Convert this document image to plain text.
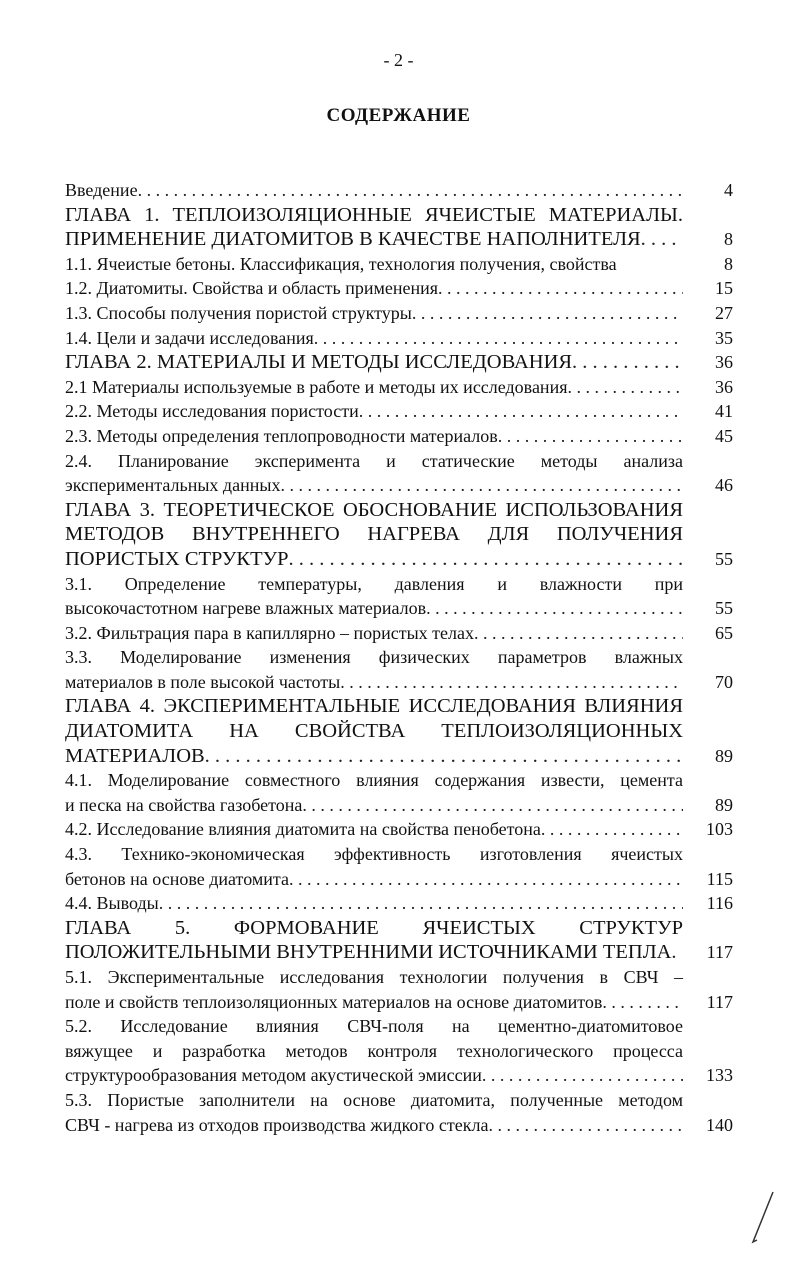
- 2 -
СОДЕРЖАНИЕ
Введение . . .	4
ГЛАВА 1. ТЕПЛОИЗОЛЯЦИОННЫЕ ЯЧЕИСТЫЕ МАТЕРИАЛЫ.
ПРИМЕНЕНИЕ ДИАТОМИТОВ В КАЧЕСТВЕ НАПОЛНИТЕЛЯ . . .	8
1.1. Ячеистые бетоны. Классификация, технология получения, свойства	8
1.2. Диатомиты. Свойства и область применения . . .	15
1.3. Способы получения пористой структуры . . .	27
1.4. Цели и задачи исследования . . .	35
ГЛАВА 2. МАТЕРИАЛЫ И МЕТОДЫ ИССЛЕДОВАНИЯ . . .	36
2.1 Материалы используемые в работе и методы их исследования . . .	36
2.2. Методы исследования пористости . . .	41
2.3. Методы определения теплопроводности материалов . . .	45
2.4. Планирование эксперимента и статические методы анализа
экспериментальных данных . . .	46
ГЛАВА 3. ТЕОРЕТИЧЕСКОЕ ОБОСНОВАНИЕ ИСПОЛЬЗОВАНИЯ
МЕТОДОВ ВНУТРЕННЕГО НАГРЕВА ДЛЯ ПОЛУЧЕНИЯ
ПОРИСТЫХ СТРУКТУР . . .	55
3.1. Определение температуры, давления и влажности при
высокочастотном нагреве влажных материалов . . .	55
3.2. Фильтрация пара в капиллярно – пористых телах . . .	65
3.3. Моделирование изменения физических параметров влажных
материалов в поле высокой частоты . . .	70
ГЛАВА 4. ЭКСПЕРИМЕНТАЛЬНЫЕ ИССЛЕДОВАНИЯ ВЛИЯНИЯ
ДИАТОМИТА НА СВОЙСТВА ТЕПЛОИЗОЛЯЦИОННЫХ
МАТЕРИАЛОВ . . .	89
4.1. Моделирование совместного влияния содержания извести, цемента
и песка на свойства газобетона . . .	89
4.2. Исследование влияния диатомита на свойства пенобетона . . .	103
4.3. Технико-экономическая эффективность изготовления ячеистых
бетонов на основе диатомита . . .	115
4.4. Выводы . . .	116
ГЛАВА 5. ФОРМОВАНИЕ ЯЧЕИСТЫХ СТРУКТУР
ПОЛОЖИТЕЛЬНЫМИ ВНУТРЕННИМИ ИСТОЧНИКАМИ ТЕПЛА . . .	117
5.1. Экспериментальные исследования технологии получения в СВЧ –
поле и свойств теплоизоляционных материалов на основе диатомитов . . .	117
5.2. Исследование влияния СВЧ-поля на цементно-диатомитовое
вяжущее и разработка методов контроля технологического процесса
структурообразования методом акустической эмиссии . . .	133
5.3. Пористые заполнители на основе диатомита, полученные методом
СВЧ - нагрева из отходов производства жидкого стекла . . .	140
